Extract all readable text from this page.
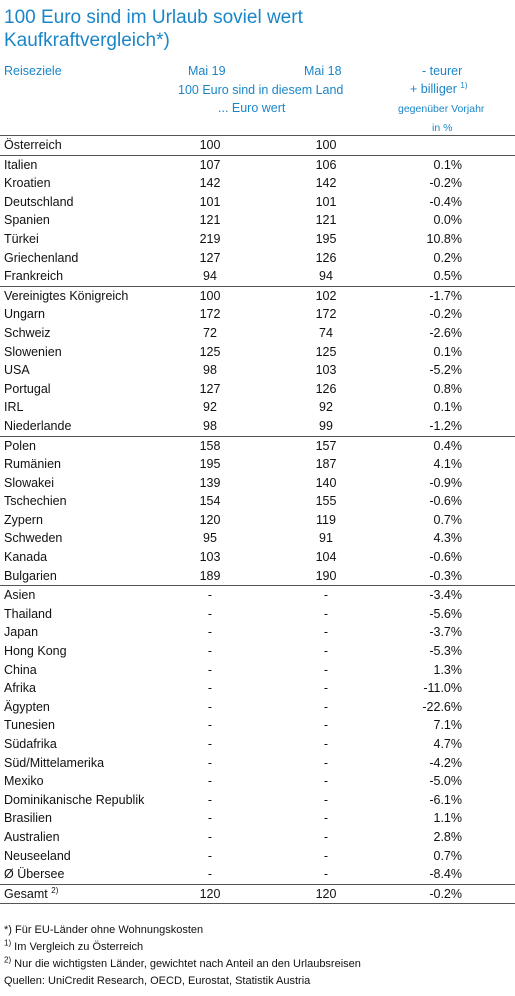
100 Euro sind im Urlaub soviel wert
Kaufkraftvergleich*)
Reiseziele	Mai 19	Mai 18	- teurer
+ billiger $^{1)}$
100 Euro sind in diesem Land
... Euro wert	gegenüber Vorjahr
in %
Österreich	100	100
Italien	107	106	0.1%
Kroatien	142	142	-0.2%
Deutschland	101	101	-0.4%
Spanien	121	121	0.0%
Türkei	219	195	10.8%
Griechenland	127	126	0.2%
Frankreich	94	94	0.5%
Vereinigtes Königreich	100	102	-1.7%
Ungarn	172	172	-0.2%
Schweiz	72	74	-2.6%
Slowenien	125	125	0.1%
USA	98	103	-5.2%
Portugal	127	126	0.8%
IRL	92	92	0.1%
Niederlande	98	99	-1.2%
Polen	158	157	0.4%
Rumänien	195	187	4.1%
Slowakei	139	140	-0.9%
Tschechien	154	155	-0.6%
Zypern	120	119	0.7%
Schweden	95	91	4.3%
Kanada	103	104	-0.6%
Bulgarien	189	190	-0.3%
Asien	-	-	-3.4%
Thailand	-	-	-5.6%
Japan	-	-	-3.7%
Hong Kong	-	-	-5.3%
China	-	-	1.3%
Afrika	-	-	-11.0%
Ägypten	-	-	-22.6%
Tunesien	-	-	7.1%
Südafrika	-	-	4.7%
Süd/Mittelamerika	-	-	-4.2%
Mexiko	-	-	-5.0%
Dominikanische Republik	-	-	-6.1%
Brasilien	-	-	1.1%
Australien	-	-	2.8%
Neuseeland	-	-	0.7%
Ø Übersee	-	-	-8.4%
Gesamt $^{2)}$	120	120	-0.2%
*) Für EU-Länder ohne Wohnungskosten
$^{1)}$ Im Vergleich zu Österreich
$^{2)}$ Nur die wichtigsten Länder, gewichtet nach Anteil an den Urlaubsreisen
Quellen: UniCredit Research, OECD, Eurostat, Statistik Austria
